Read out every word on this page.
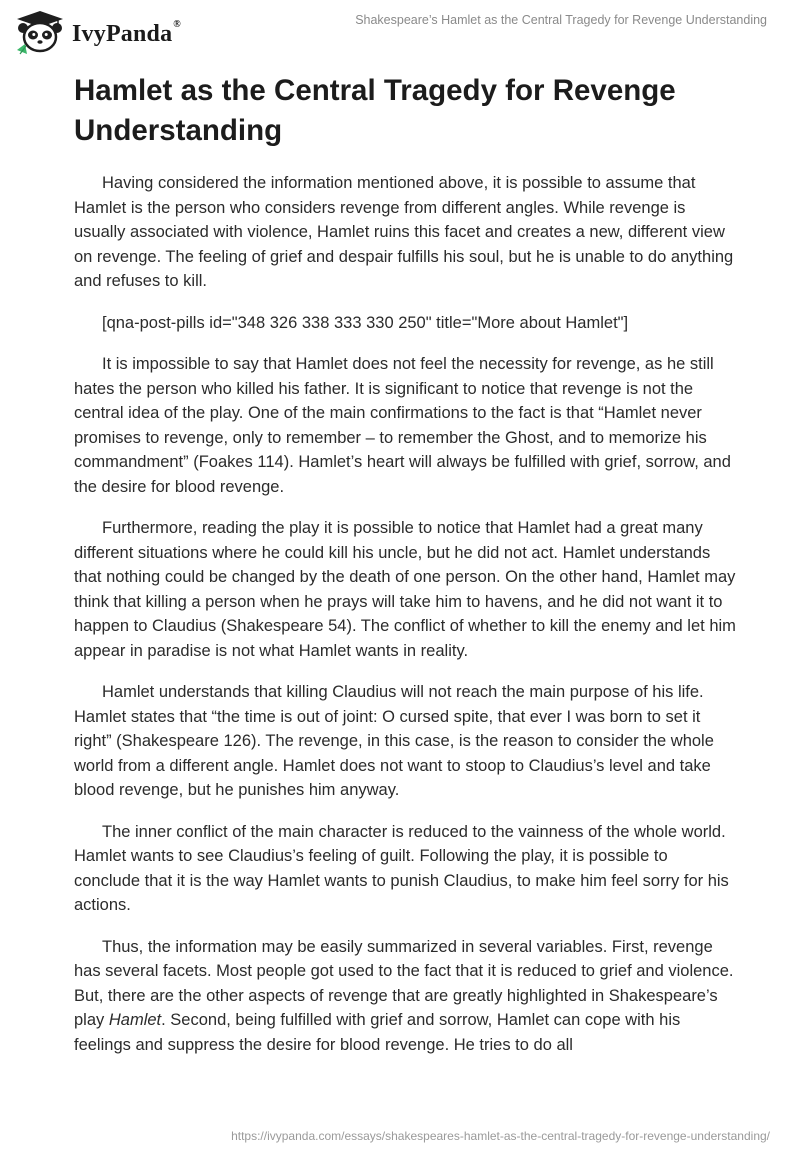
IvyPanda®	Shakespeare’s Hamlet as the Central Tragedy for Revenge Understanding
Hamlet as the Central Tragedy for Revenge Understanding

Having considered the information mentioned above, it is possible to assume that Hamlet is the person who considers revenge from different angles. While revenge is usually associated with violence, Hamlet ruins this facet and creates a new, different view on revenge. The feeling of grief and despair fulfills his soul, but he is unable to do anything and refuses to kill.

[qna-post-pills id="348 326 338 333 330 250" title="More about Hamlet"]

It is impossible to say that Hamlet does not feel the necessity for revenge, as he still hates the person who killed his father. It is significant to notice that revenge is not the central idea of the play. One of the main confirmations to the fact is that “Hamlet never promises to revenge, only to remember – to remember the Ghost, and to memorize his commandment” (Foakes 114). Hamlet’s heart will always be fulfilled with grief, sorrow, and the desire for blood revenge.

Furthermore, reading the play it is possible to notice that Hamlet had a great many different situations where he could kill his uncle, but he did not act. Hamlet understands that nothing could be changed by the death of one person. On the other hand, Hamlet may think that killing a person when he prays will take him to havens, and he did not want it to happen to Claudius (Shakespeare 54). The conflict of whether to kill the enemy and let him appear in paradise is not what Hamlet wants in reality.

Hamlet understands that killing Claudius will not reach the main purpose of his life. Hamlet states that “the time is out of joint: O cursed spite, that ever I was born to set it right” (Shakespeare 126). The revenge, in this case, is the reason to consider the whole world from a different angle. Hamlet does not want to stoop to Claudius’s level and take blood revenge, but he punishes him anyway.

The inner conflict of the main character is reduced to the vainness of the whole world. Hamlet wants to see Claudius’s feeling of guilt. Following the play, it is possible to conclude that it is the way Hamlet wants to punish Claudius, to make him feel sorry for his actions.

Thus, the information may be easily summarized in several variables. First, revenge has several facets. Most people got used to the fact that it is reduced to grief and violence. But, there are the other aspects of revenge that are greatly highlighted in Shakespeare’s play Hamlet. Second, being fulfilled with grief and sorrow, Hamlet can cope with his feelings and suppress the desire for blood revenge. He tries to do all

https://ivypanda.com/essays/shakespeares-hamlet-as-the-central-tragedy-for-revenge-understanding/
